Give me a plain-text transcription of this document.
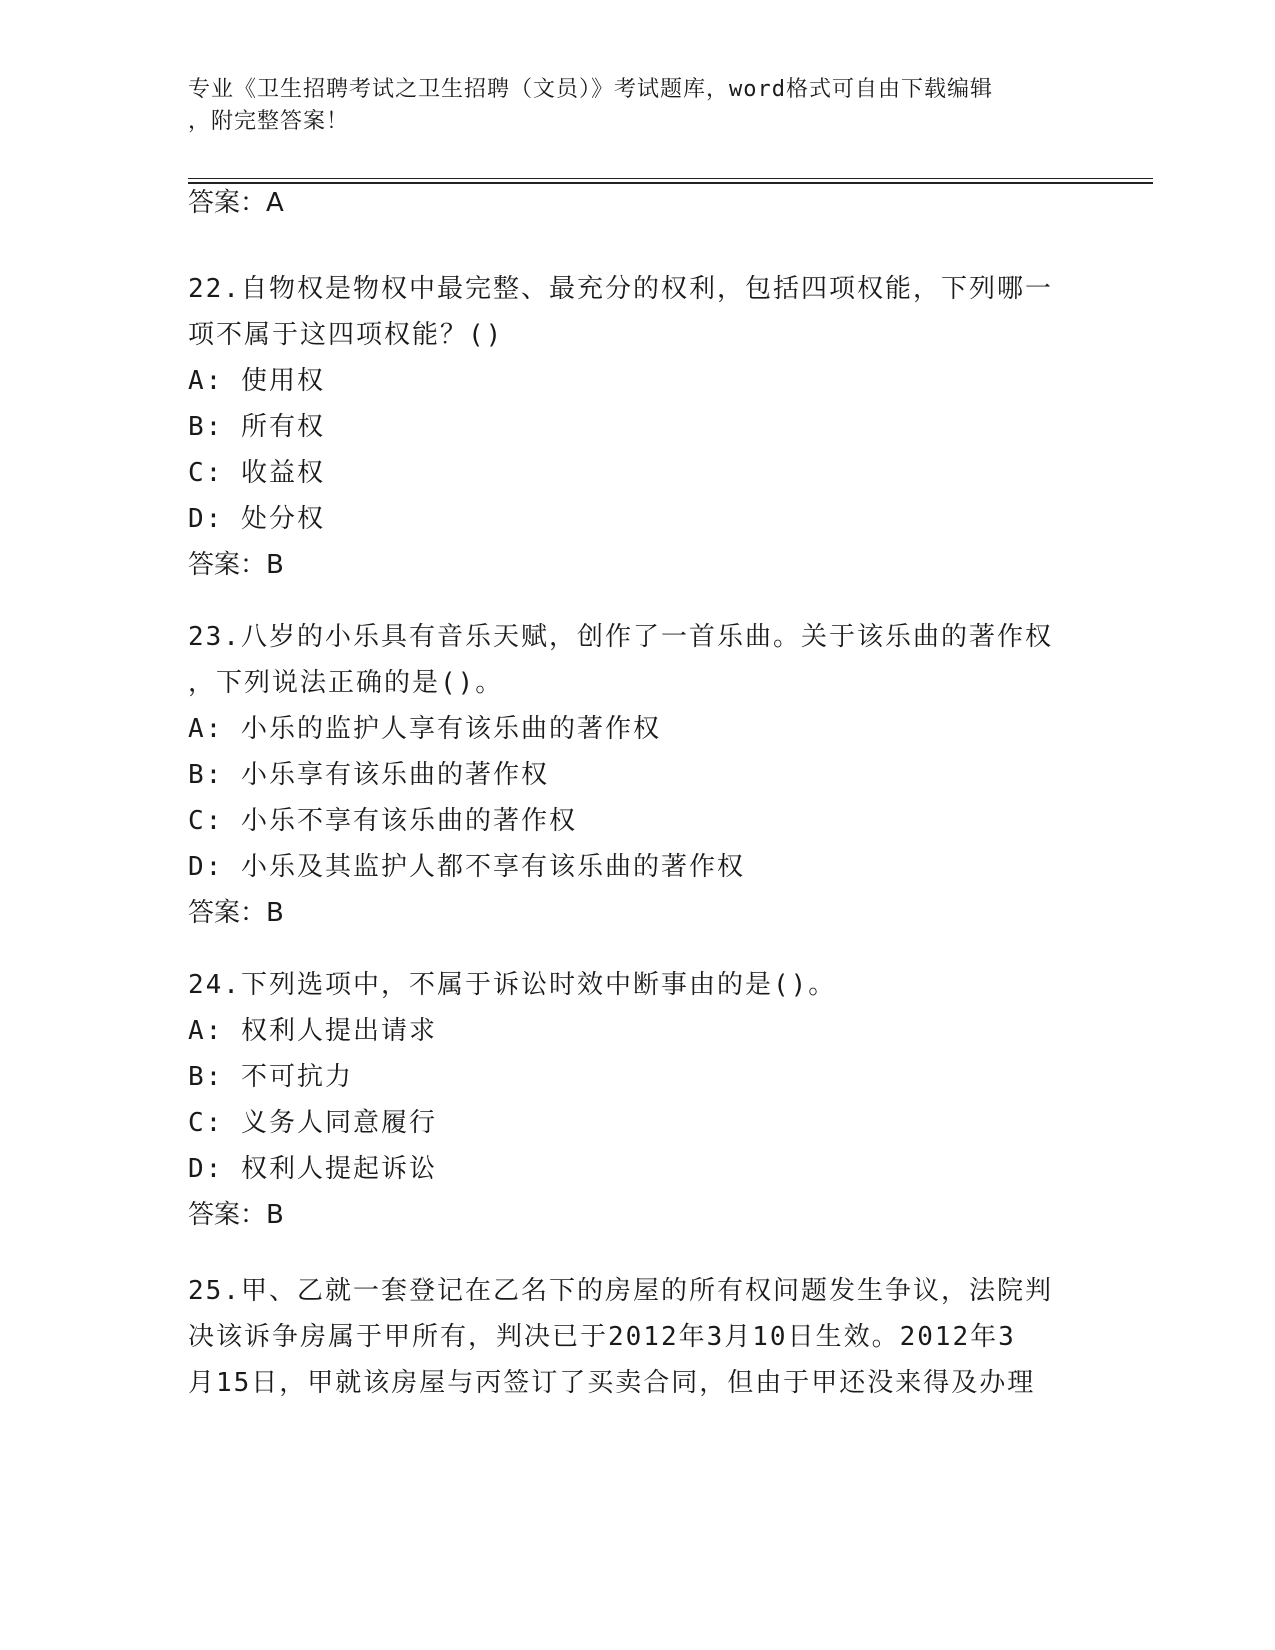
专业《卫生招聘考试之卫生招聘（文员）》考试题库，word格式可自由下载编辑
，附完整答案！
答案：A
22.自物权是物权中最完整、最充分的权利，包括四项权能，下列哪一
项不属于这四项权能？()
A: 使用权
B: 所有权
C: 收益权
D: 处分权
答案：B
23.八岁的小乐具有音乐天赋，创作了一首乐曲。关于该乐曲的著作权
，下列说法正确的是()。
A: 小乐的监护人享有该乐曲的著作权
B: 小乐享有该乐曲的著作权
C: 小乐不享有该乐曲的著作权
D: 小乐及其监护人都不享有该乐曲的著作权
答案：B
24.下列选项中，不属于诉讼时效中断事由的是()。
A: 权利人提出请求
B: 不可抗力
C: 义务人同意履行
D: 权利人提起诉讼
答案：B
25.甲、乙就一套登记在乙名下的房屋的所有权问题发生争议，法院判
决该诉争房属于甲所有，判决已于2012年3月10日生效。2012年3
月15日，甲就该房屋与丙签订了买卖合同，但由于甲还没来得及办理
